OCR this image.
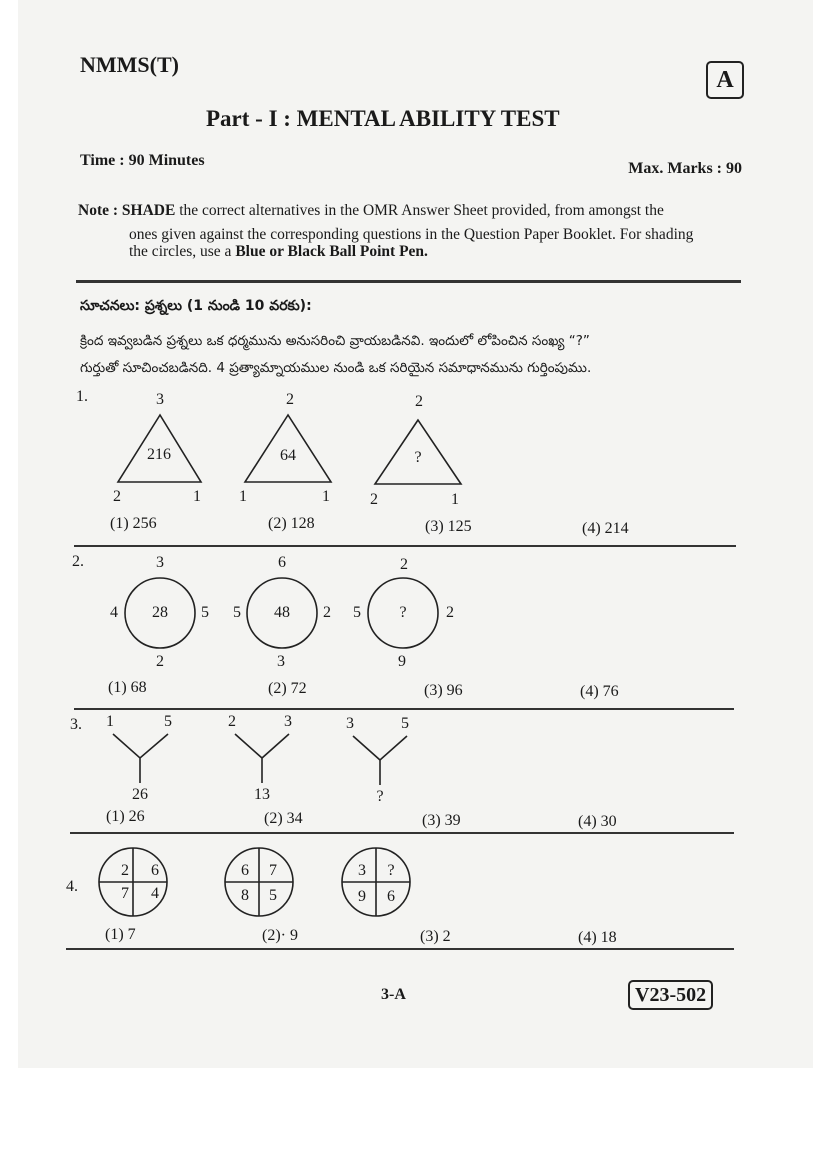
NMMS(T)
A
Part - I : MENTAL ABILITY TEST
Time : 90 Minutes	Max. Marks : 90
Note : SHADE the correct alternatives in the OMR Answer Sheet provided, from amongst the
ones given against the corresponding questions in the Question Paper Booklet. For shading
the circles, use a Blue or Black Ball Point Pen.
సూచనలు: ప్రశ్నలు (1 నుండి 10 వరకు):
క్రింద ఇవ్వబడిన ప్రశ్నలు ఒక ధర్మమును అనుసరించి వ్రాయబడినవి. ఇందులో లోపించిన సంఖ్య “?”
గుర్తుతో సూచించబడినది. 4 ప్రత్యామ్నాయముల నుండి ఒక సరియైన సమాధానమును గుర్తింపుము.
1.	3
216
2	1
2
64
1	1
2
?
2	1
(1) 256	(2) 128	(3) 125	(4) 214
2.	3
4	5
2
28
6
5	2
3
48
2
5	2
9
?
(1) 68	(2) 72	(3) 96	(4) 76
3. 1	5
26
2	3
13
3	5
?
(1) 26	(2) 34	(3) 39	(4) 30
4.
2 6
7 4
6 7
8 5
3 ?
9 6
(1) 7	(2)· 9	(3) 2	(4) 18
3-A	V23-502
